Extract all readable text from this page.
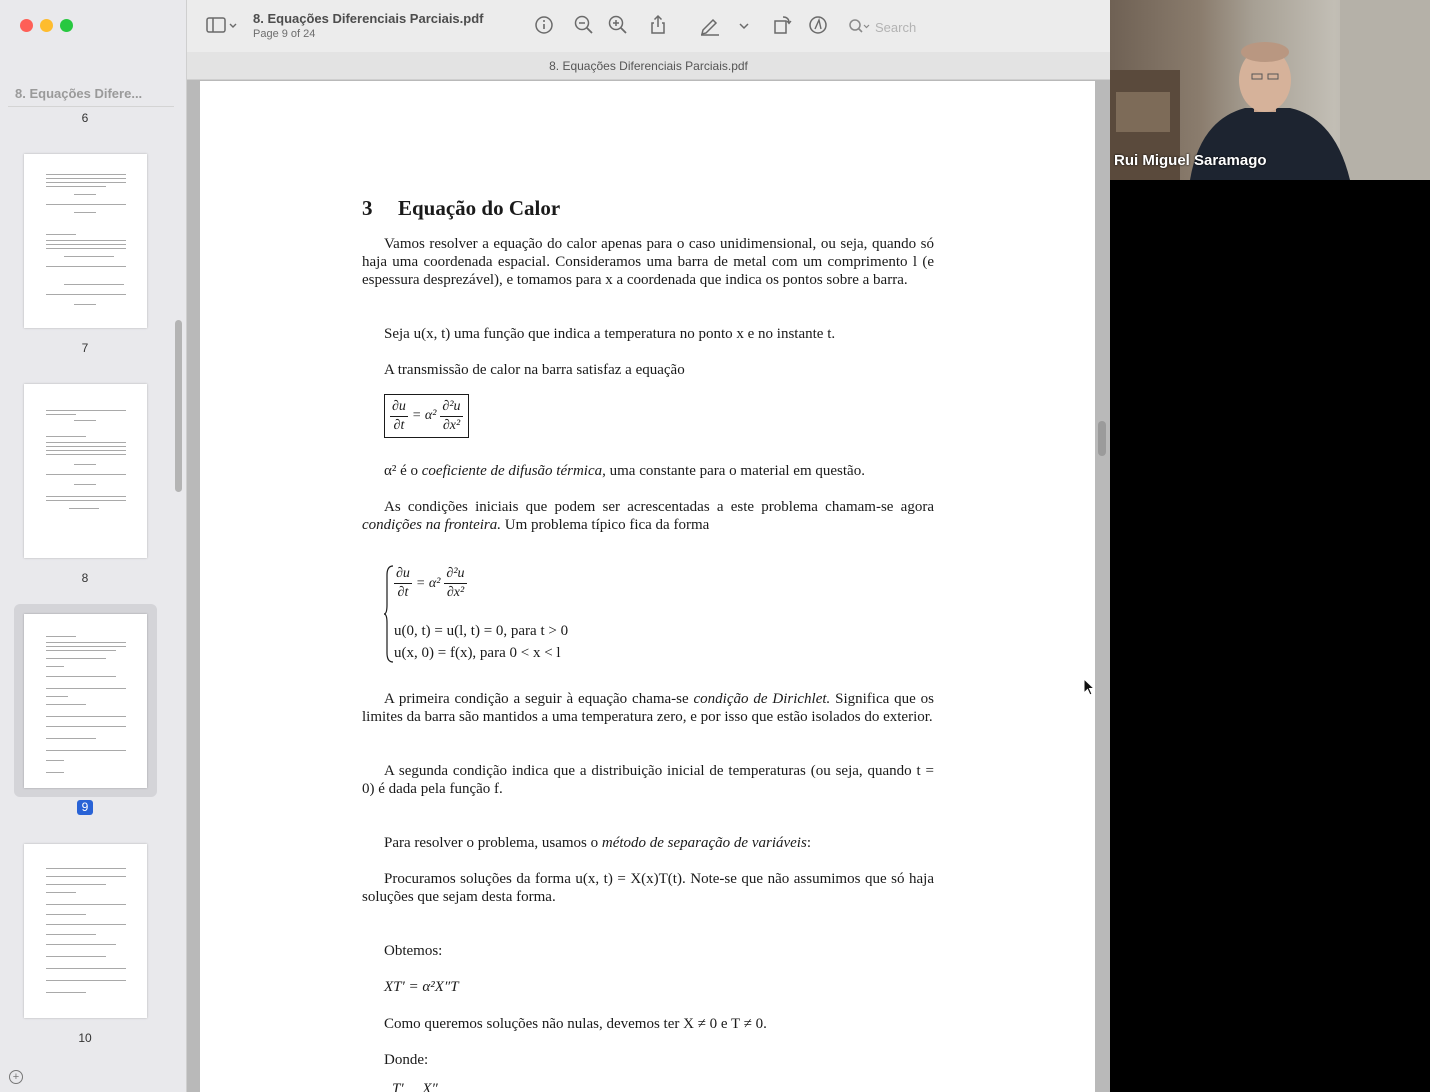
8. Equações Difere...
6
7
8
9
10
+
8. Equações Diferenciais Parciais.pdf
Page 9 of 24
Search
8. Equações Diferenciais Parciais.pdf
3 Equação do Calor
Vamos resolver a equação do calor apenas para o caso unidimensional, ou seja, quando só haja uma coordenada espacial. Consideramos uma barra de metal com um comprimento l (e espessura desprezável), e tomamos para x a coordenada que indica os pontos sobre a barra.
Seja u(x, t) uma função que indica a temperatura no ponto x e no instante t.
A transmissão de calor na barra satisfaz a equação
$\frac{\partial u}{\partial t} = \alpha^2 \frac{\text{∂²u}}{\text{∂x²}}$
α² é o coeficiente de difusão térmica, uma constante para o material em questão.
As condições iniciais que podem ser acrescentadas a este problema chamam-se agora condições na fronteira. Um problema típico fica da forma
$\frac{\partial u}{\partial t} = \alpha^2 \frac{\text{∂²u}}{\text{∂x²}}$
u(0, t) = u(l, t) = 0, para t > 0
u(x, 0) = f(x), para 0 < x < l
A primeira condição a seguir à equação chama-se condição de Dirichlet. Significa que os limites da barra são mantidos a uma temperatura zero, e por isso que estão isolados do exterior.
A segunda condição indica que a distribuição inicial de temperaturas (ou seja, quando t = 0) é dada pela função f.
Para resolver o problema, usamos o método de separação de variáveis:
Procuramos soluções da forma u(x, t) = X(x)T(t). Note-se que não assumimos que só haja soluções que sejam desta forma.
Obtemos:
XT′ = α²X″T
Como queremos soluções não nulas, devemos ter X ≠ 0 e T ≠ 0.
Donde:
T′     X″
Rui Miguel Saramago
